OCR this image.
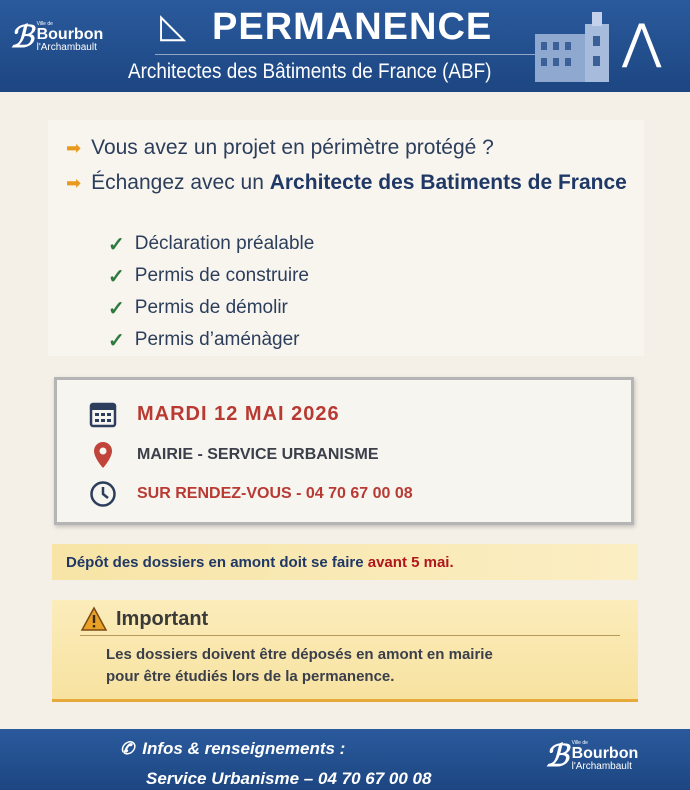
ℬ Ville de
Bourbon
l'Archambault
◺ PERMANENCE
Architectes des Bâtiments de France (ABF)
⋀
➡ Vous avez un projet en périmètre protégé ?
➡ Échangez avec un Architecte des Batiments de France
✓ Déclaration préalable
✓ Permis de construire
✓ Permis de démolir
✓ Permis d’aménàger
MARDI 12 MAI 2026
MAIRIE - SERVICE URBANISME
SUR RENDEZ-VOUS - 04 70 67 00 08
Dépôt des dossiers en amont doit se faire avant 5 mai.
Important
Les dossiers doivent être déposés en amont en mairie
pour être étudiés lors de la permanence.
✆ Infos & renseignements :
Service Urbanisme – 04 70 67 00 08
ℬ Ville de
Bourbon
l'Archambault
